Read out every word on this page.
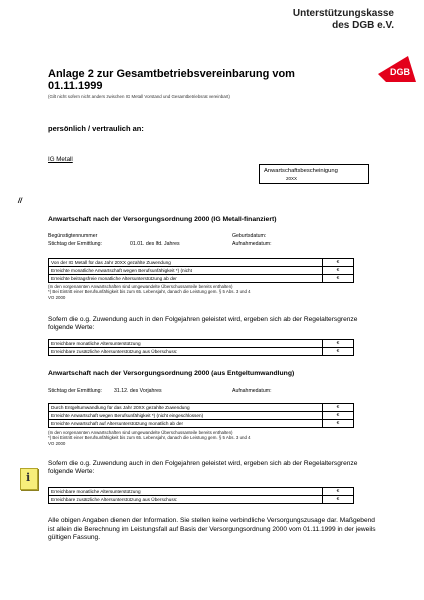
Unterstützungskasse
des DGB e.V.
DGB
Anlage 2 zur Gesamtbetriebsvereinbarung vom
01.11.1999
(Gilt nicht sofern nicht anders zwischen IG Metall Vorstand und Gesamtbetriebsrat vereinbart)
persönlich / vertraulich an:
IG Metall
Anwartschaftsbescheinigung
20XX
//
Anwartschaft nach der Versorgungsordnung 2000 (IG Metall-finanziert)
Begünstigtennummer	Geburtsdatum:
Stichtag der Ermittlung:	01.01. des lfd. Jahres	Aufnahmedatum:
Von der IG Metall für das Jahr 20XX gezahlte Zuwendung	€
Erreichte monatliche Anwartschaft wegen Berufsunfähigkeit *) (nicht	€
Erreichte beitragsfreie monatliche Altersunterstützung ab der	€
(In den vorgenannten Anwartschaften sind umgewandelte Überschussanteile bereits enthalten)
*) Bei Eintritt einer Berufsunfähigkeit bis zum 65. Lebensjahr, danach die Leistung gem. § 5 Abs. 3 und 4
VO 2000
Sofern die o.g. Zuwendung auch in den Folgejahren geleistet wird, ergeben sich ab der Regelaltersgrenze folgende Werte:
Erreichbare monatliche Altersunterstützung	€
Erreichbare zusätzliche Altersunterstützung aus Überschuss:	€
Anwartschaft nach der Versorgungsordnung 2000 (aus Entgeltumwandlung)
Stichtag der Ermittlung: 31.12. des Vorjahres	Aufnahmedatum:
Durch Entgeltumwandlung für das Jahr 20XX gezahlte Zuwendung	€
Erreichte Anwartschaft wegen Berufsunfähigkeit *) (nicht eingeschlossen)	€
Erreichte Anwartschaft auf Altersunterstützung monatlich ab der	€
(In den vorgenannten Anwartschaften sind umgewandelte Überschussanteile bereits enthalten)
*) Bei Eintritt einer Berufsunfähigkeit bis zum 65. Lebensjahr, danach die Leistung gem. § 5 Abs. 3 und 4
VO 2000
Sofern die o.g. Zuwendung auch in den Folgejahren geleistet wird, ergeben sich ab der Regelaltersgrenze folgende Werte:
Erreichbare monatliche Altersunterstützung	€
Erreichbare zusätzliche Altersunterstützung aus Überschuss:	€
i
Alle obigen Angaben dienen der Information. Sie stellen keine verbindliche Versorgungszusage dar. Maßgebend ist allein die Berechnung im Leistungsfall auf Basis der Versorgungsordnung 2000 vom 01.11.1999 in der jeweils gültigen Fassung.
